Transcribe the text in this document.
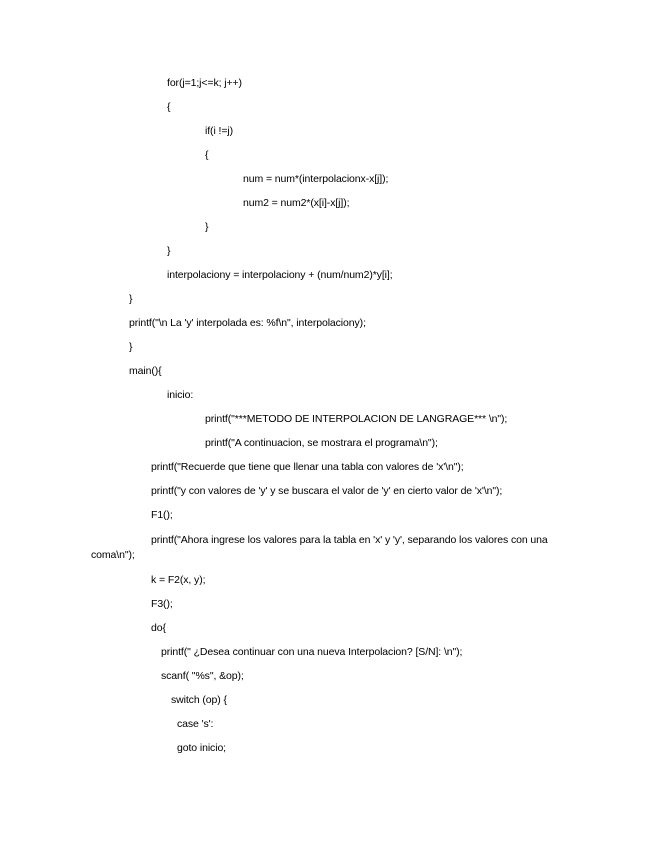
for(j=1;j<=k; j++)
{
if(i !=j)
{
num = num*(interpolacionx-x[j]);
num2 = num2*(x[i]-x[j]);
}
}
interpolaciony = interpolaciony + (num/num2)*y[i];
}
printf("\n La 'y' interpolada es: %f\n", interpolaciony);
}
main(){
inicio:
printf("***METODO DE INTERPOLACION DE LANGRAGE*** \n");
printf("A continuacion, se mostrara el programa\n");
printf("Recuerde que tiene que llenar una tabla con valores de 'x'\n");
printf("y con valores de 'y' y se buscara el valor de 'y' en cierto valor de 'x'\n");
F1();
printf("Ahora ingrese los valores para la tabla en 'x' y 'y', separando los valores con una coma\n");
k = F2(x, y);
F3();
do{
printf(" ¿Desea continuar con una nueva Interpolacion? [S/N]: \n");
scanf( "%s", &op);
switch (op) {
case 's':
goto inicio;
